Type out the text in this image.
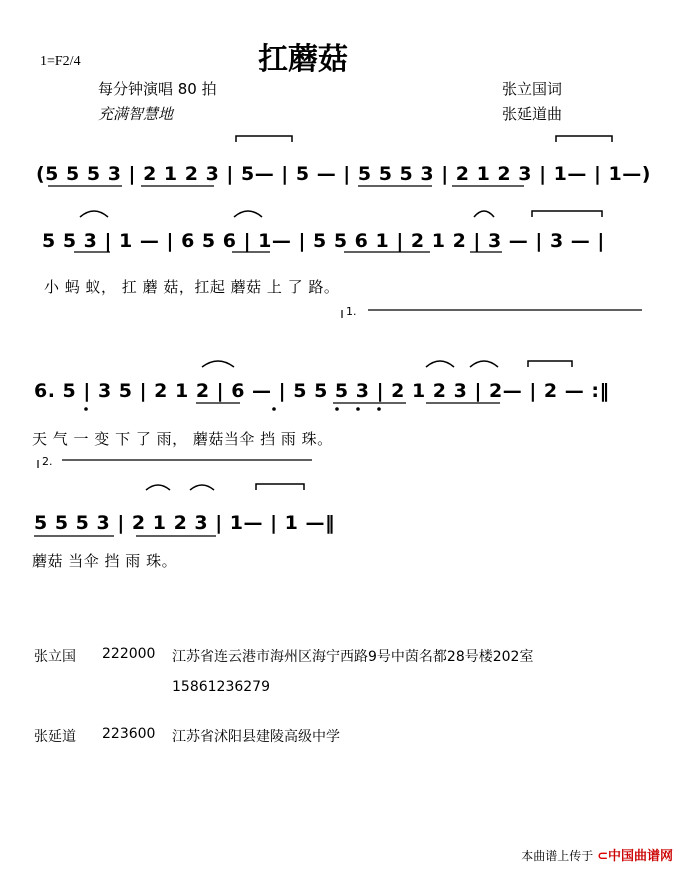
扛蘑菇
1=F2/4
每分钟演唱 80 拍
充满智慧地
张立国词
张延道曲
(5 5 5 3 | 2 1 2 3 | 5— | 5 — | 5 5 5 3 | 2 1 2 3 | 1— | 1—)
5 5 3 | 1 — | 6 5 6 | 1— | 5 5 6 1 | 2 1 2 | 3 — | 3 — |
小 蚂 蚁， 扛 蘑 菇，扛起 蘑菇 上 了 路。
1.
6. 5 | 3 5 | 2 1 2 | 6 — | 5 5 5 3 | 2 1 2 3 | 2— | 2 — :‖
天 气 一 变 下 了 雨， 蘑菇当伞 挡 雨 珠。
2.
5 5 5 3 | 2 1 2 3 | 1— | 1 —‖
蘑菇 当伞 挡 雨 珠。
张立国 222000 江苏省连云港市海州区海宁西路9号中茵名都28号楼202室
15861236279
张延道 223600 江苏省沭阳县建陵高级中学
本曲谱上传于 ⊂中国曲谱网
